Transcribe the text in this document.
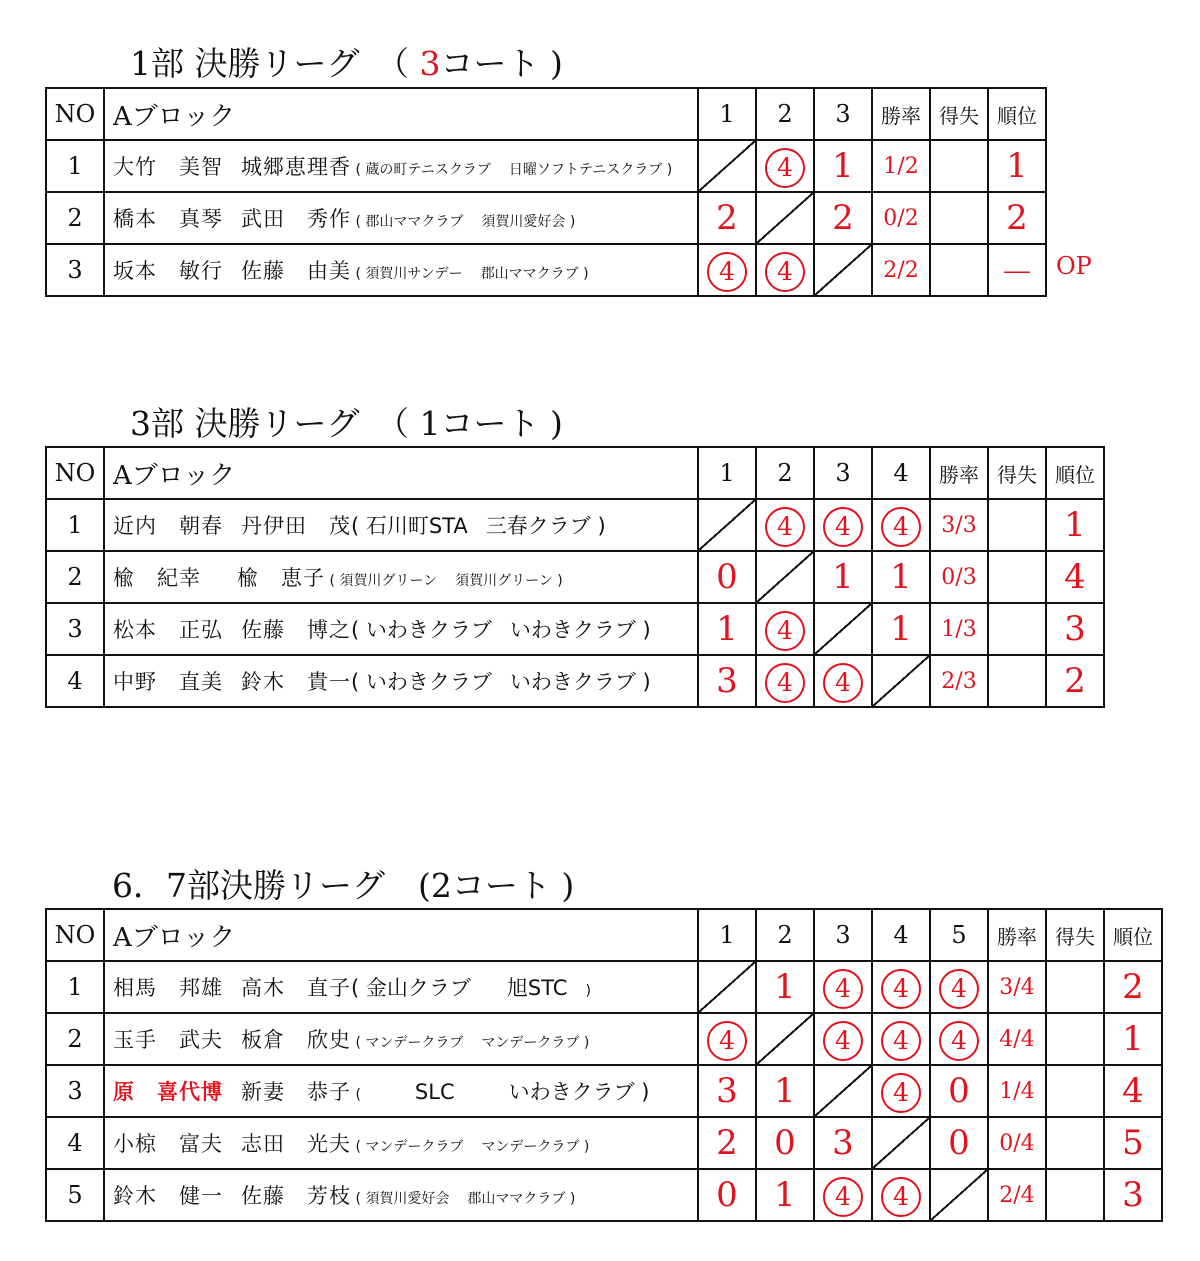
1部 決勝リーグ　（ 3コート )
NO	Aブロック	1	2	3	勝率	得失	順位
1	大竹　美智 城郷恵理香 ( 蔵の町テニスクラブ 日曜ソフトテニスクラブ )		4	1	1/2		1
2	橋本　真琴 武田　秀作 ( 郡山ママクラブ 須賀川愛好会 )	2		2	0/2		2
3	坂本　敏行 佐藤　由美 ( 須賀川サンデー 郡山ママクラブ )	4	4		2/2		－ OP
3部 決勝リーグ　（ 1コート )
NO	Aブロック	1	2	3	4	勝率	得失	順位
1	近内　朝春 丹伊田　茂( 石川町STA 三春クラブ )		4	4	4	3/3		1
2	楡　紀幸 楡　恵子 ( 須賀川グリーン 須賀川グリーン )	0		1	1	0/3		4
3	松本　正弘 佐藤　博之( いわきクラブ いわきクラブ )	1	4		1	1/3		3
4	中野　直美 鈴木　貴一( いわきクラブ いわきクラブ )	3	4	4		2/3		2
6．7部決勝リーグ　(2コート )
NO	Aブロック	1	2	3	4	5	勝率	得失	順位
1	相馬　邦雄 高木　直子( 金山クラブ 旭STC )		1	4	4	4	3/4		2
2	玉手　武夫 板倉　欣史 ( マンデークラブ マンデークラブ )	4		4	4	4	4/4		1
3	原　喜代博 新妻　恭子 ( SLC いわきクラブ )	3	1		4	0	1/4		4
4	小椋　富夫 志田　光夫 ( マンデークラブ マンデークラブ )	2	0	3		0	0/4		5
5	鈴木　健一 佐藤　芳枝 ( 須賀川愛好会 郡山ママクラブ )	0	1	4	4		2/4		3
